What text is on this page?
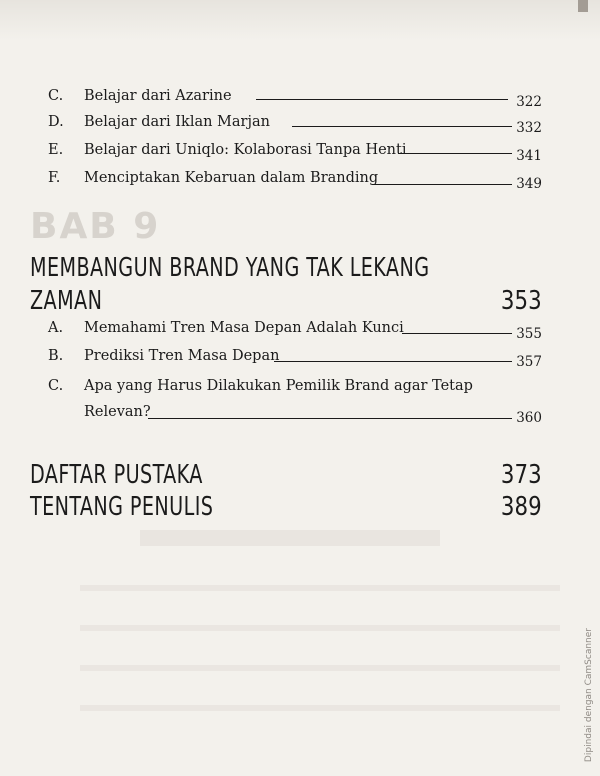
C. Belajar dari Azarine	322
D. Belajar dari Iklan Marjan	332
E. Belajar dari Uniqlo: Kolaborasi Tanpa Henti	341
F. Menciptakan Kebaruan dalam Branding	349
BAB 9
MEMBANGUN BRAND YANG TAK LEKANG
ZAMAN	353
A. Memahami Tren Masa Depan Adalah Kunci	355
B. Prediksi Tren Masa Depan	357
C. Apa yang Harus Dilakukan Pemilik Brand agar Tetap
Relevan?	360
DAFTAR PUSTAKA	373
TENTANG PENULIS	389
Dipindai dengan CamScanner
